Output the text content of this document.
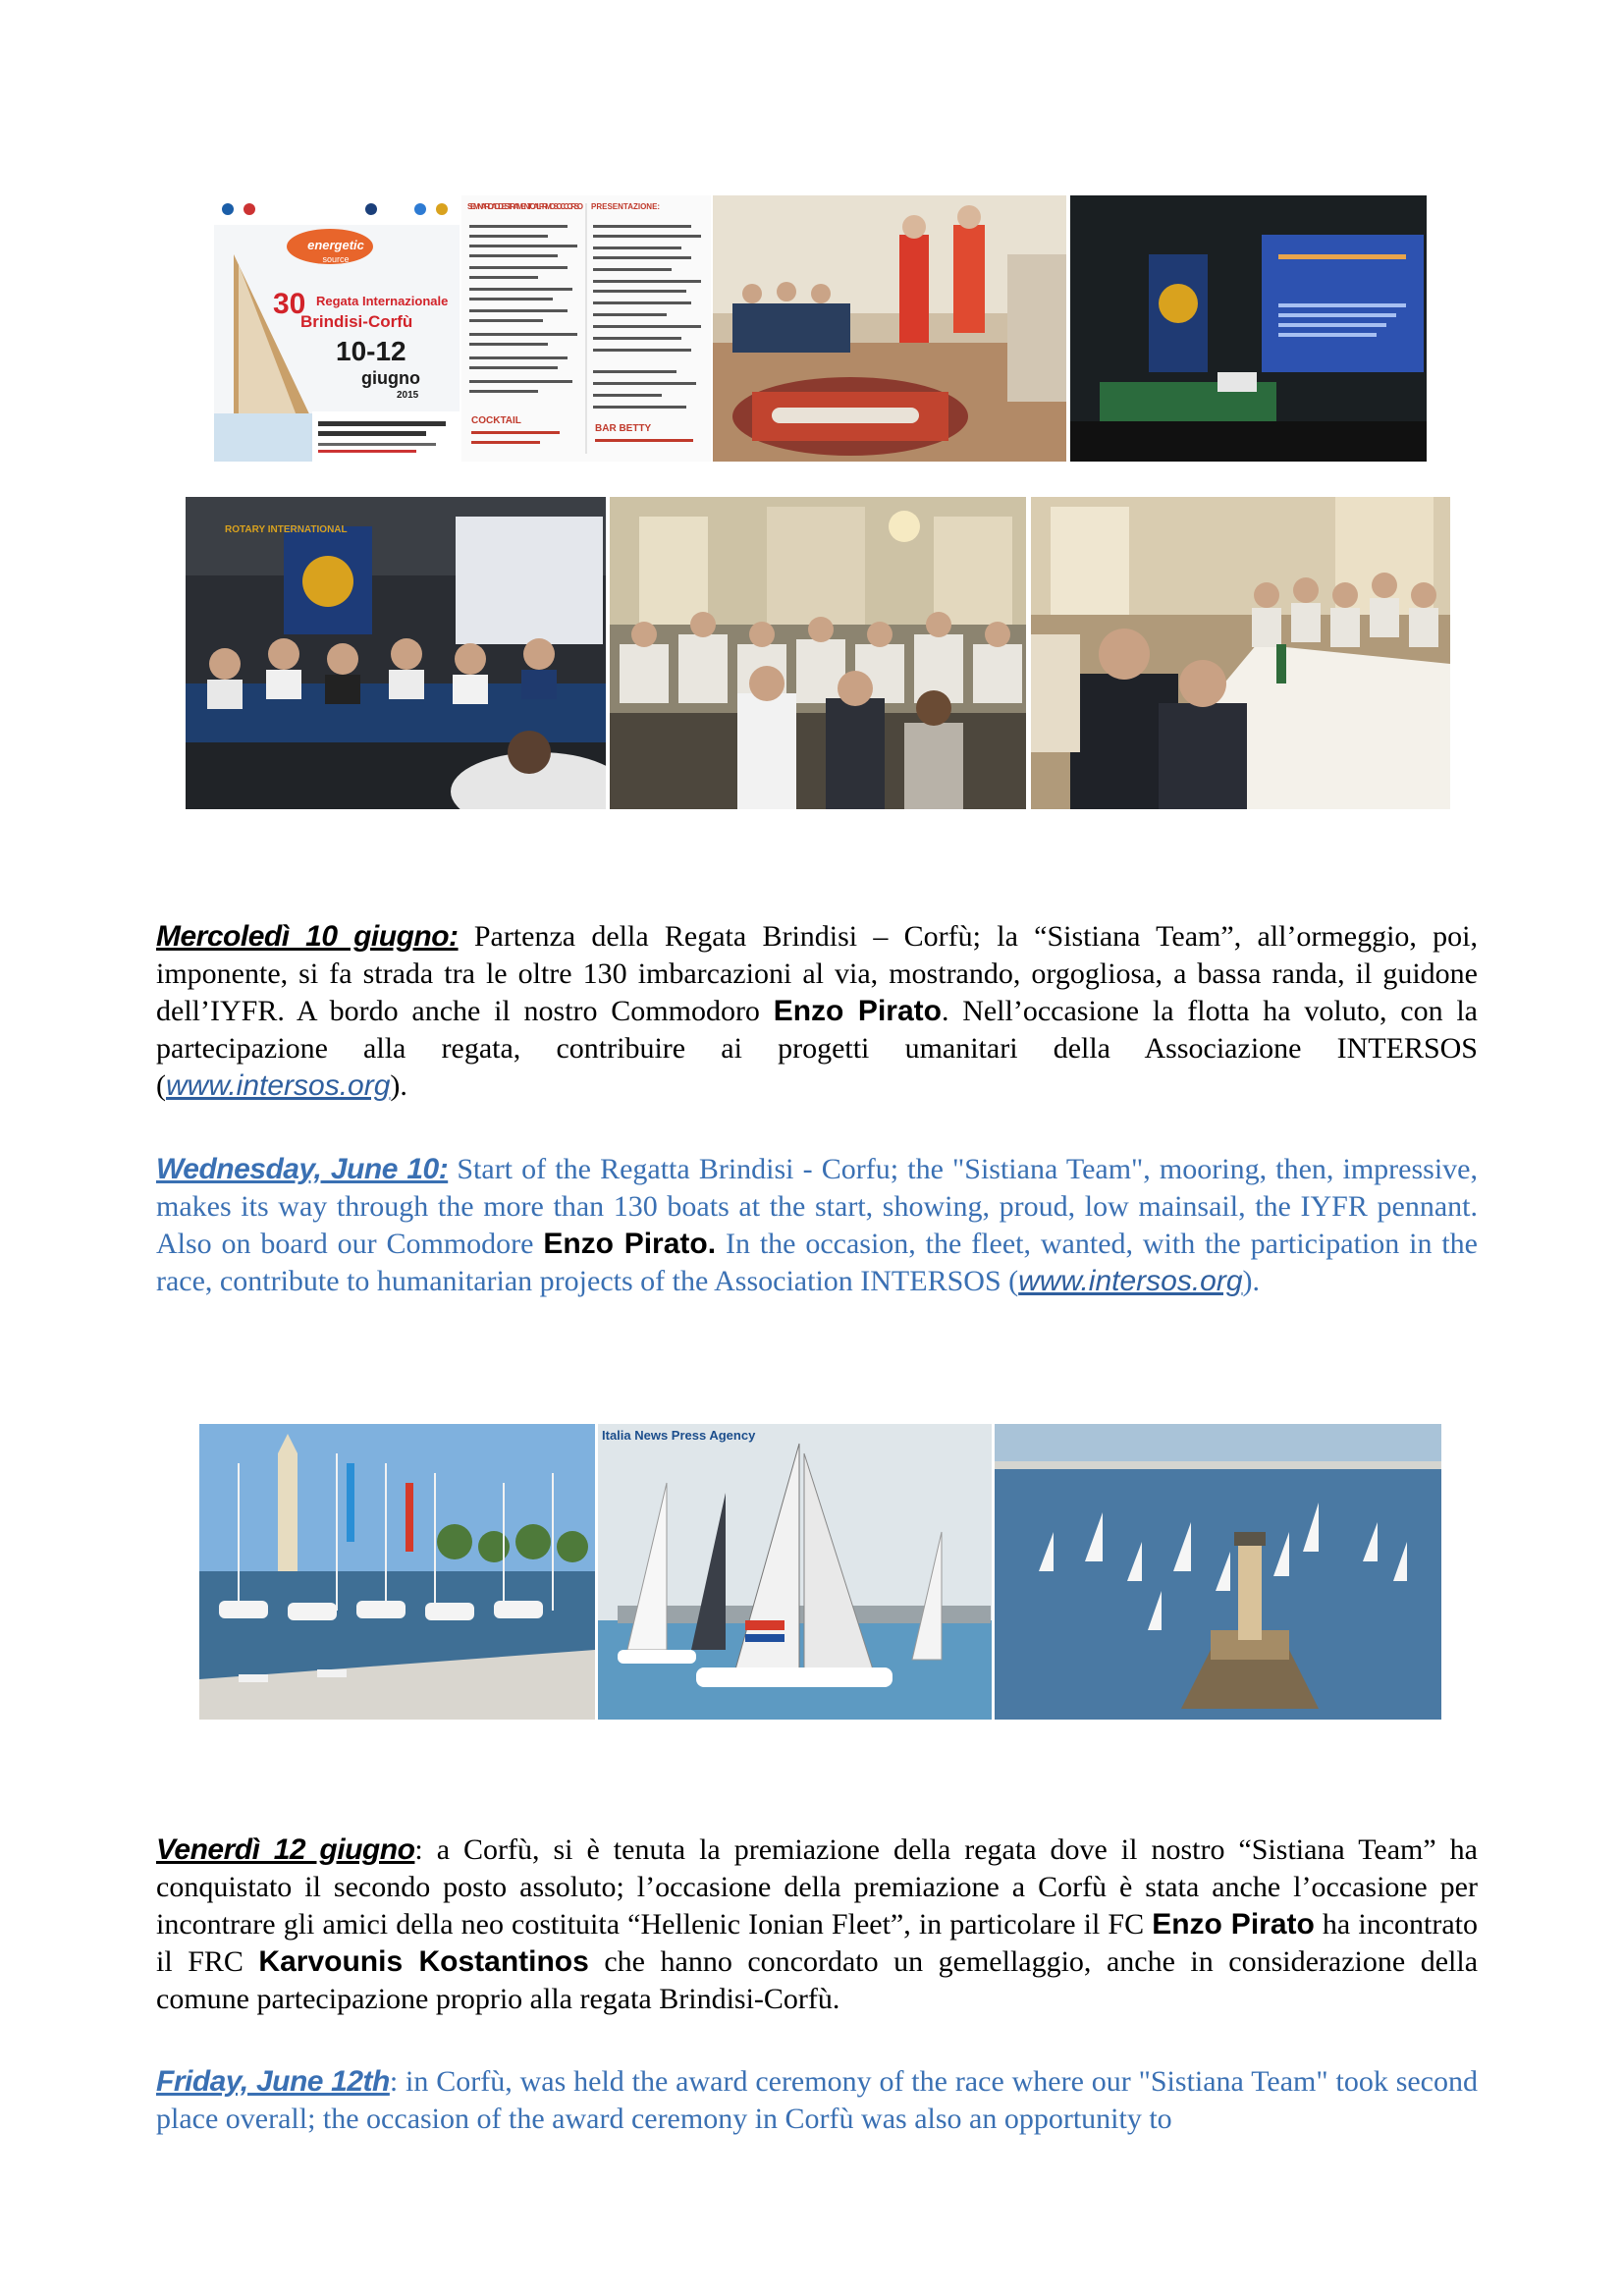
energetic
source
30 Regata Internazionale
Brindisi-Corfù
10-12
giugno
2015
SEMINARIO ADDESTRAMENTO AL PRIMO SOCCORSO PRESENTAZIONE:
COCKTAIL
BAR BETTY
ROTARY INTERNATIONAL
Mercoledì 10 giugno: Partenza della Regata Brindisi – Corfù; la “Sistiana Team”, all’ormeggio, poi, imponente, si fa strada tra le oltre 130 imbarcazioni al via, mostrando, orgogliosa, a bassa randa, il guidone dell’IYFR. A bordo anche il nostro Commodoro Enzo Pirato. Nell’occasione la flotta ha voluto, con la partecipazione alla regata, contribuire ai progetti umanitari della Associazione INTERSOS (www.intersos.org).
Wednesday, June 10: Start of the Regatta Brindisi - Corfu; the "Sistiana Team", mooring, then, impressive, makes its way through the more than 130 boats at the start, showing, proud, low mainsail, the IYFR pennant. Also on board our Commodore Enzo Pirato. In the occasion, the fleet, wanted, with the participation in the race, contribute to humanitarian projects of the Association INTERSOS (www.intersos.org).
Italia News Press Agency
Venerdì 12 giugno: a Corfù, si è tenuta la premiazione della regata dove il nostro “Sistiana Team” ha conquistato il secondo posto assoluto; l’occasione della premiazione a Corfù è stata anche l’occasione per incontrare gli amici della neo costituita “Hellenic Ionian Fleet”, in particolare il FC Enzo Pirato ha incontrato il FRC Karvounis Kostantinos che hanno concordato un gemellaggio, anche in considerazione della comune partecipazione proprio alla regata Brindisi-Corfù.
Friday, June 12th: in Corfù, was held the award ceremony of the race where our "Sistiana Team" took second place overall; the occasion of the award ceremony in Corfù was also an opportunity to
